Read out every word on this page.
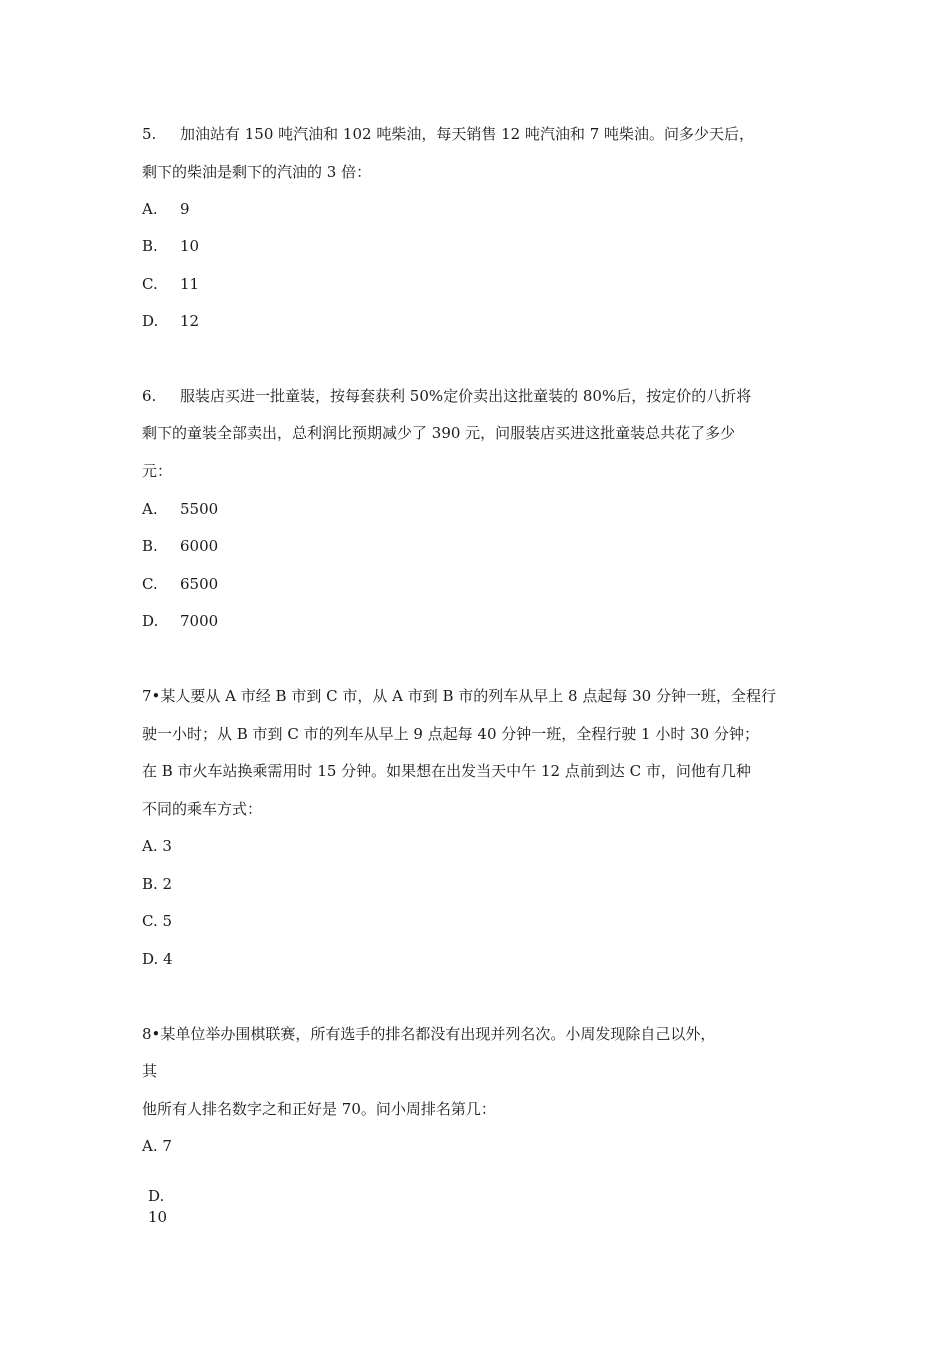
5. 加油站有 150 吨汽油和 102 吨柴油，每天销售 12 吨汽油和 7 吨柴油。问多少天后，
剩下的柴油是剩下的汽油的 3 倍：
A. 9
B. 10
C. 11
D. 12
6. 服装店买进一批童装，按每套获利 50%定价卖出这批童装的 80%后，按定价的八折将
剩下的童装全部卖出，总利润比预期减少了 390 元，问服装店买进这批童装总共花了多少
元：
A. 5500
B. 6000
C. 6500
D. 7000
7•某人要从 A 市经 B 市到 C 市，从 A 市到 B 市的列车从早上 8 点起每 30 分钟一班，全程行
驶一小时；从 B 市到 C 市的列车从早上 9 点起每 40 分钟一班，全程行驶 1 小时 30 分钟；
在 B 市火车站换乘需用时 15 分钟。如果想在出发当天中午 12 点前到达 C 市，问他有几种
不同的乘车方式：
A. 3
B. 2
C. 5
D. 4
8•某单位举办围棋联赛，所有选手的排名都没有出现并列名次。小周发现除自己以外，
其
他所有人排名数字之和正好是 70。问小周排名第几：
A. 7
D.
10
